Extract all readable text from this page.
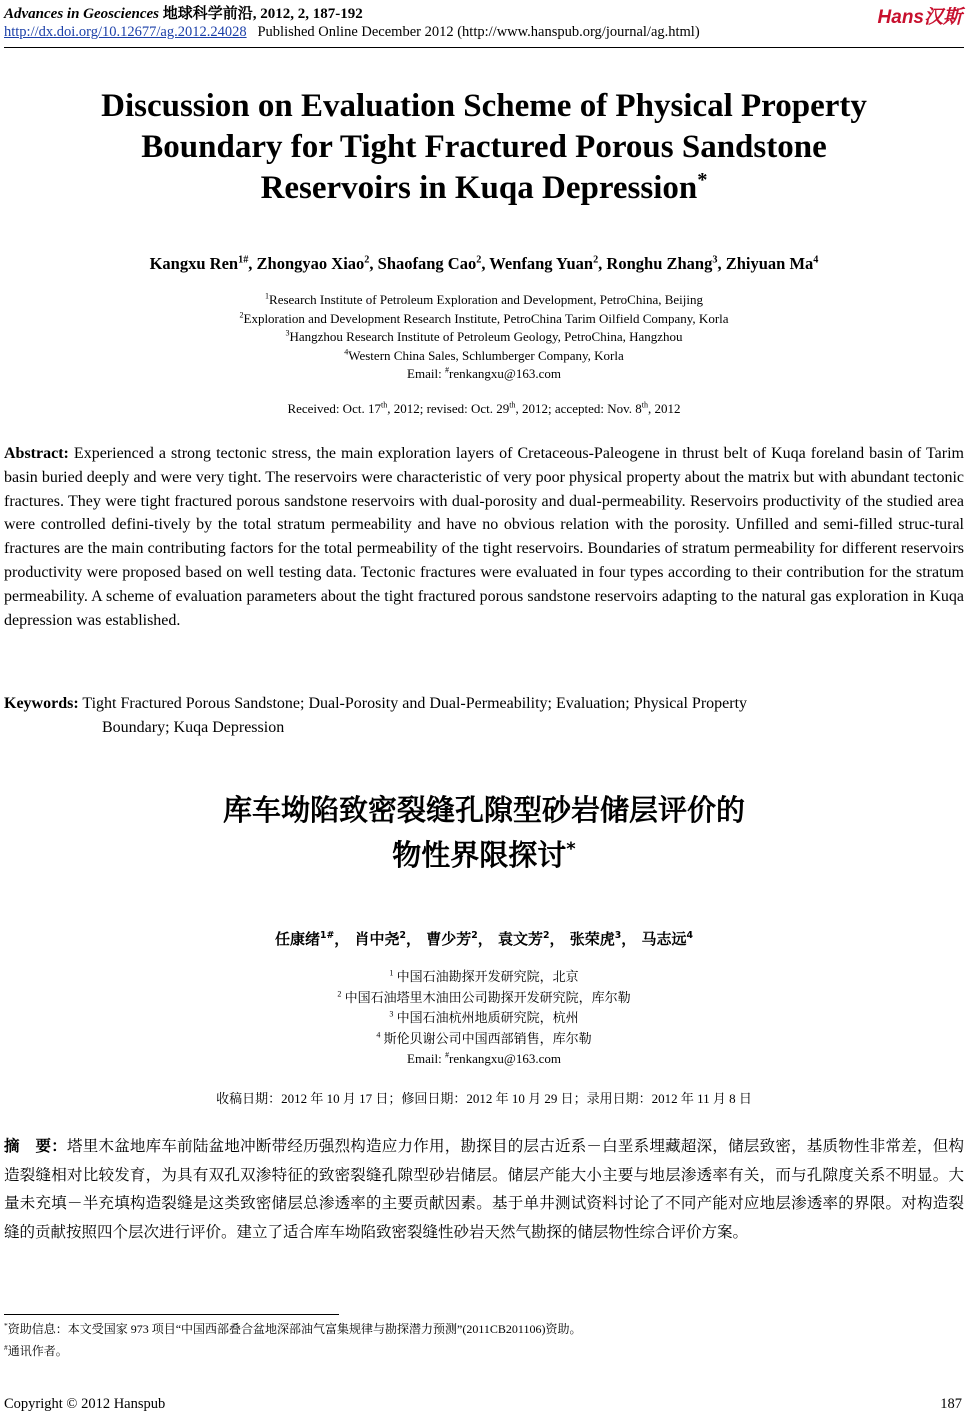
Advances in Geosciences 地球科学前沿, 2012, 2, 187-192
http://dx.doi.org/10.12677/ag.2012.24028 Published Online December 2012 (http://www.hanspub.org/journal/ag.html)
Hans汉斯
Discussion on Evaluation Scheme of Physical Property
Boundary for Tight Fractured Porous Sandstone
Reservoirs in Kuqa Depression*
Kangxu Ren$^{1\#}$, Zhongyao Xiao$^2$, Shaofang Cao$^2$, Wenfang Yuan$^2$, Ronghu Zhang$^3$, Zhiyuan Ma$^4$
$^1$Research Institute of Petroleum Exploration and Development, PetroChina, Beijing
$^2$Exploration and Development Research Institute, PetroChina Tarim Oilfield Company, Korla
$^3$Hangzhou Research Institute of Petroleum Geology, PetroChina, Hangzhou
$^4$Western China Sales, Schlumberger Company, Korla
Email: #renkangxu@163.com
Received: Oct. 17th, 2012; revised: Oct. 29th, 2012; accepted: Nov. 8th, 2012
Abstract: Experienced a strong tectonic stress, the main exploration layers of Cretaceous-Paleogene in thrust belt of Kuqa foreland basin of Tarim basin buried deeply and were very tight. The reservoirs were characteristic of very poor physical property about the matrix but with abundant tectonic fractures. They were tight fractured porous sandstone reservoirs with dual-porosity and dual-permeability. Reservoirs productivity of the studied area were controlled defini-tively by the total stratum permeability and have no obvious relation with the porosity. Unfilled and semi-filled struc-tural fractures are the main contributing factors for the total permeability of the tight reservoirs. Boundaries of stratum permeability for different reservoirs productivity were proposed based on well testing data. Tectonic fractures were evaluated in four types according to their contribution for the stratum permeability. A scheme of evaluation parameters about the tight fractured porous sandstone reservoirs adapting to the natural gas exploration in Kuqa depression was established.
Keywords: Tight Fractured Porous Sandstone; Dual-Porosity and Dual-Permeability; Evaluation; Physical Property
Boundary; Kuqa Depression
库车坳陷致密裂缝孔隙型砂岩储层评价的
物性界限探讨*
任康绪$^{1\#}$， 肖中尧$^2$， 曹少芳$^2$， 袁文芳$^2$， 张荣虎$^3$， 马志远$^4$
$^1$ 中国石油勘探开发研究院，北京
$^2$ 中国石油塔里木油田公司勘探开发研究院，库尔勒
$^3$ 中国石油杭州地质研究院，杭州
$^4$ 斯伦贝谢公司中国西部销售，库尔勒
Email: #renkangxu@163.com
收稿日期：2012 年 10 月 17 日；修回日期：2012 年 10 月 29 日；录用日期：2012 年 11 月 8 日
摘　要：塔里木盆地库车前陆盆地冲断带经历强烈构造应力作用，勘探目的层古近系－白垩系埋藏超深，储层致密，基质物性非常差，但构造裂缝相对比较发育，为具有双孔双渗特征的致密裂缝孔隙型砂岩储层。储层产能大小主要与地层渗透率有关，而与孔隙度关系不明显。大量未充填－半充填构造裂缝是这类致密储层总渗透率的主要贡献因素。基于单井测试资料讨论了不同产能对应地层渗透率的界限。对构造裂缝的贡献按照四个层次进行评价。建立了适合库车坳陷致密裂缝性砂岩天然气勘探的储层物性综合评价方案。
*资助信息：本文受国家 973 项目“中国西部叠合盆地深部油气富集规律与勘探潜力预测”(2011CB201106)资助。
#通讯作者。
Copyright © 2012 Hanspub	187
